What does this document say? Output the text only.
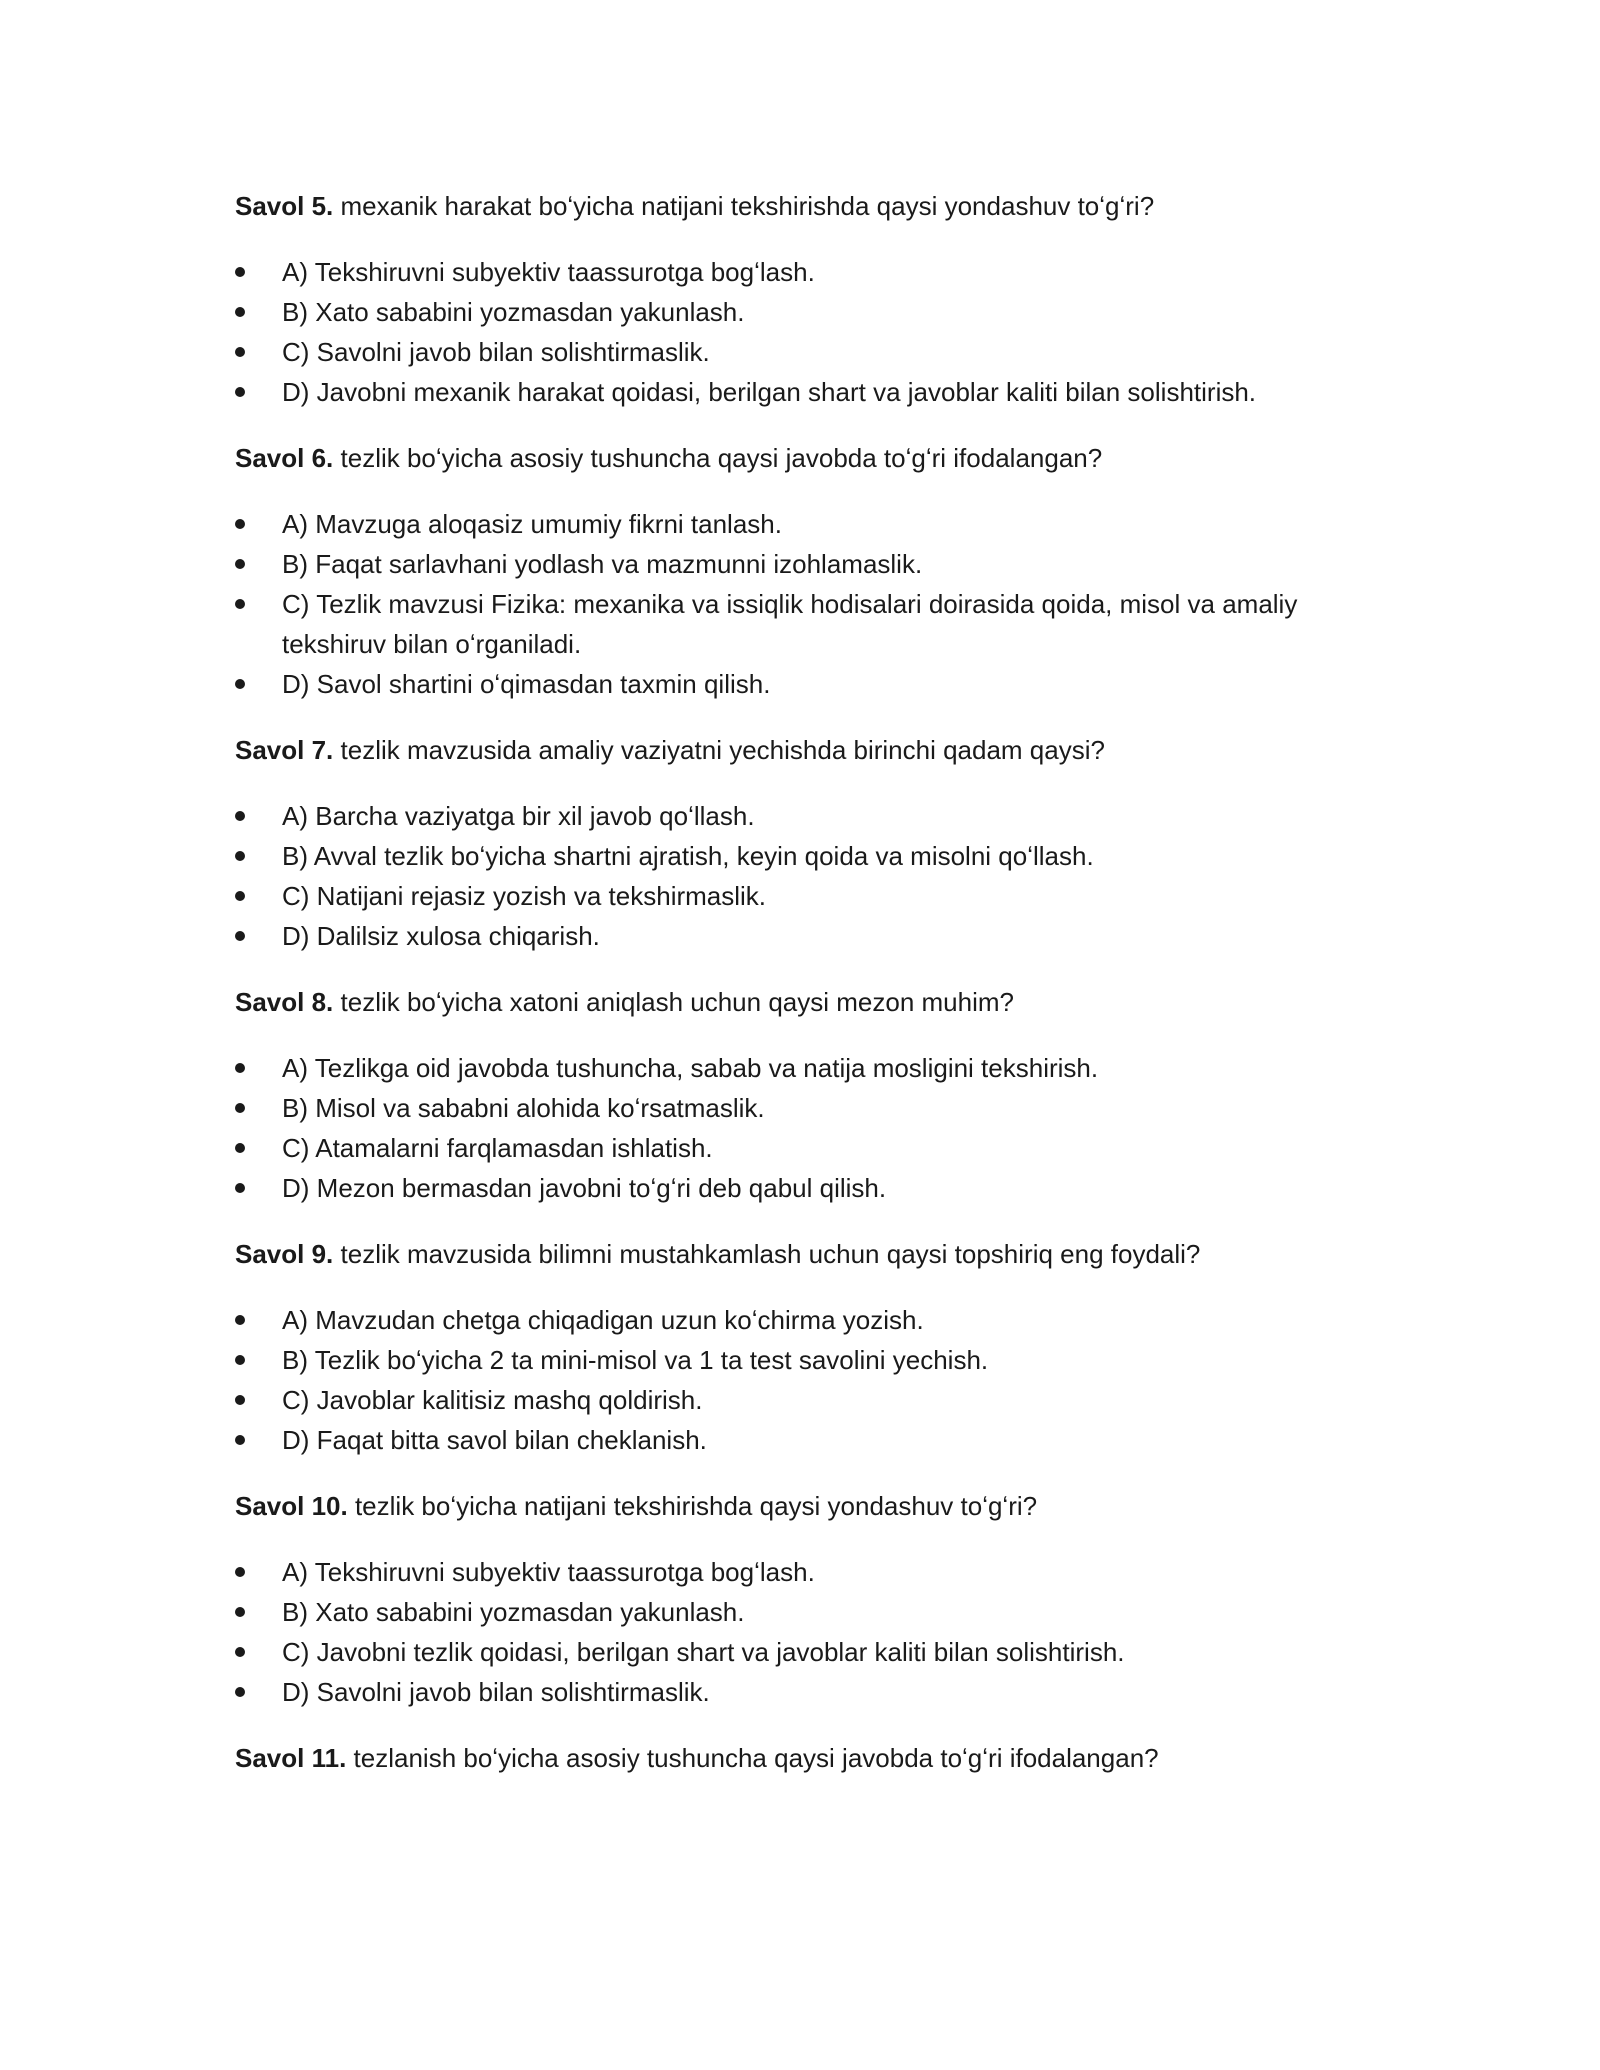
Savol 5. mexanik harakat boʻyicha natijani tekshirishda qaysi yondashuv toʻgʻri?

A) Tekshiruvni subyektiv taassurotga bogʻlash.
B) Xato sababini yozmasdan yakunlash.
C) Savolni javob bilan solishtirmaslik.
D) Javobni mexanik harakat qoidasi, berilgan shart va javoblar kaliti bilan solishtirish.

Savol 6. tezlik boʻyicha asosiy tushuncha qaysi javobda toʻgʻri ifodalangan?

A) Mavzuga aloqasiz umumiy fikrni tanlash.
B) Faqat sarlavhani yodlash va mazmunni izohlamaslik.
C) Tezlik mavzusi Fizika: mexanika va issiqlik hodisalari doirasida qoida, misol va amaliy tekshiruv bilan oʻrganiladi.
D) Savol shartini oʻqimasdan taxmin qilish.

Savol 7. tezlik mavzusida amaliy vaziyatni yechishda birinchi qadam qaysi?

A) Barcha vaziyatga bir xil javob qoʻllash.
B) Avval tezlik boʻyicha shartni ajratish, keyin qoida va misolni qoʻllash.
C) Natijani rejasiz yozish va tekshirmaslik.
D) Dalilsiz xulosa chiqarish.

Savol 8. tezlik boʻyicha xatoni aniqlash uchun qaysi mezon muhim?

A) Tezlikga oid javobda tushuncha, sabab va natija mosligini tekshirish.
B) Misol va sababni alohida koʻrsatmaslik.
C) Atamalarni farqlamasdan ishlatish.
D) Mezon bermasdan javobni toʻgʻri deb qabul qilish.

Savol 9. tezlik mavzusida bilimni mustahkamlash uchun qaysi topshiriq eng foydali?

A) Mavzudan chetga chiqadigan uzun koʻchirma yozish.
B) Tezlik boʻyicha 2 ta mini-misol va 1 ta test savolini yechish.
C) Javoblar kalitisiz mashq qoldirish.
D) Faqat bitta savol bilan cheklanish.

Savol 10. tezlik boʻyicha natijani tekshirishda qaysi yondashuv toʻgʻri?

A) Tekshiruvni subyektiv taassurotga bogʻlash.
B) Xato sababini yozmasdan yakunlash.
C) Javobni tezlik qoidasi, berilgan shart va javoblar kaliti bilan solishtirish.
D) Savolni javob bilan solishtirmaslik.

Savol 11. tezlanish boʻyicha asosiy tushuncha qaysi javobda toʻgʻri ifodalangan?
